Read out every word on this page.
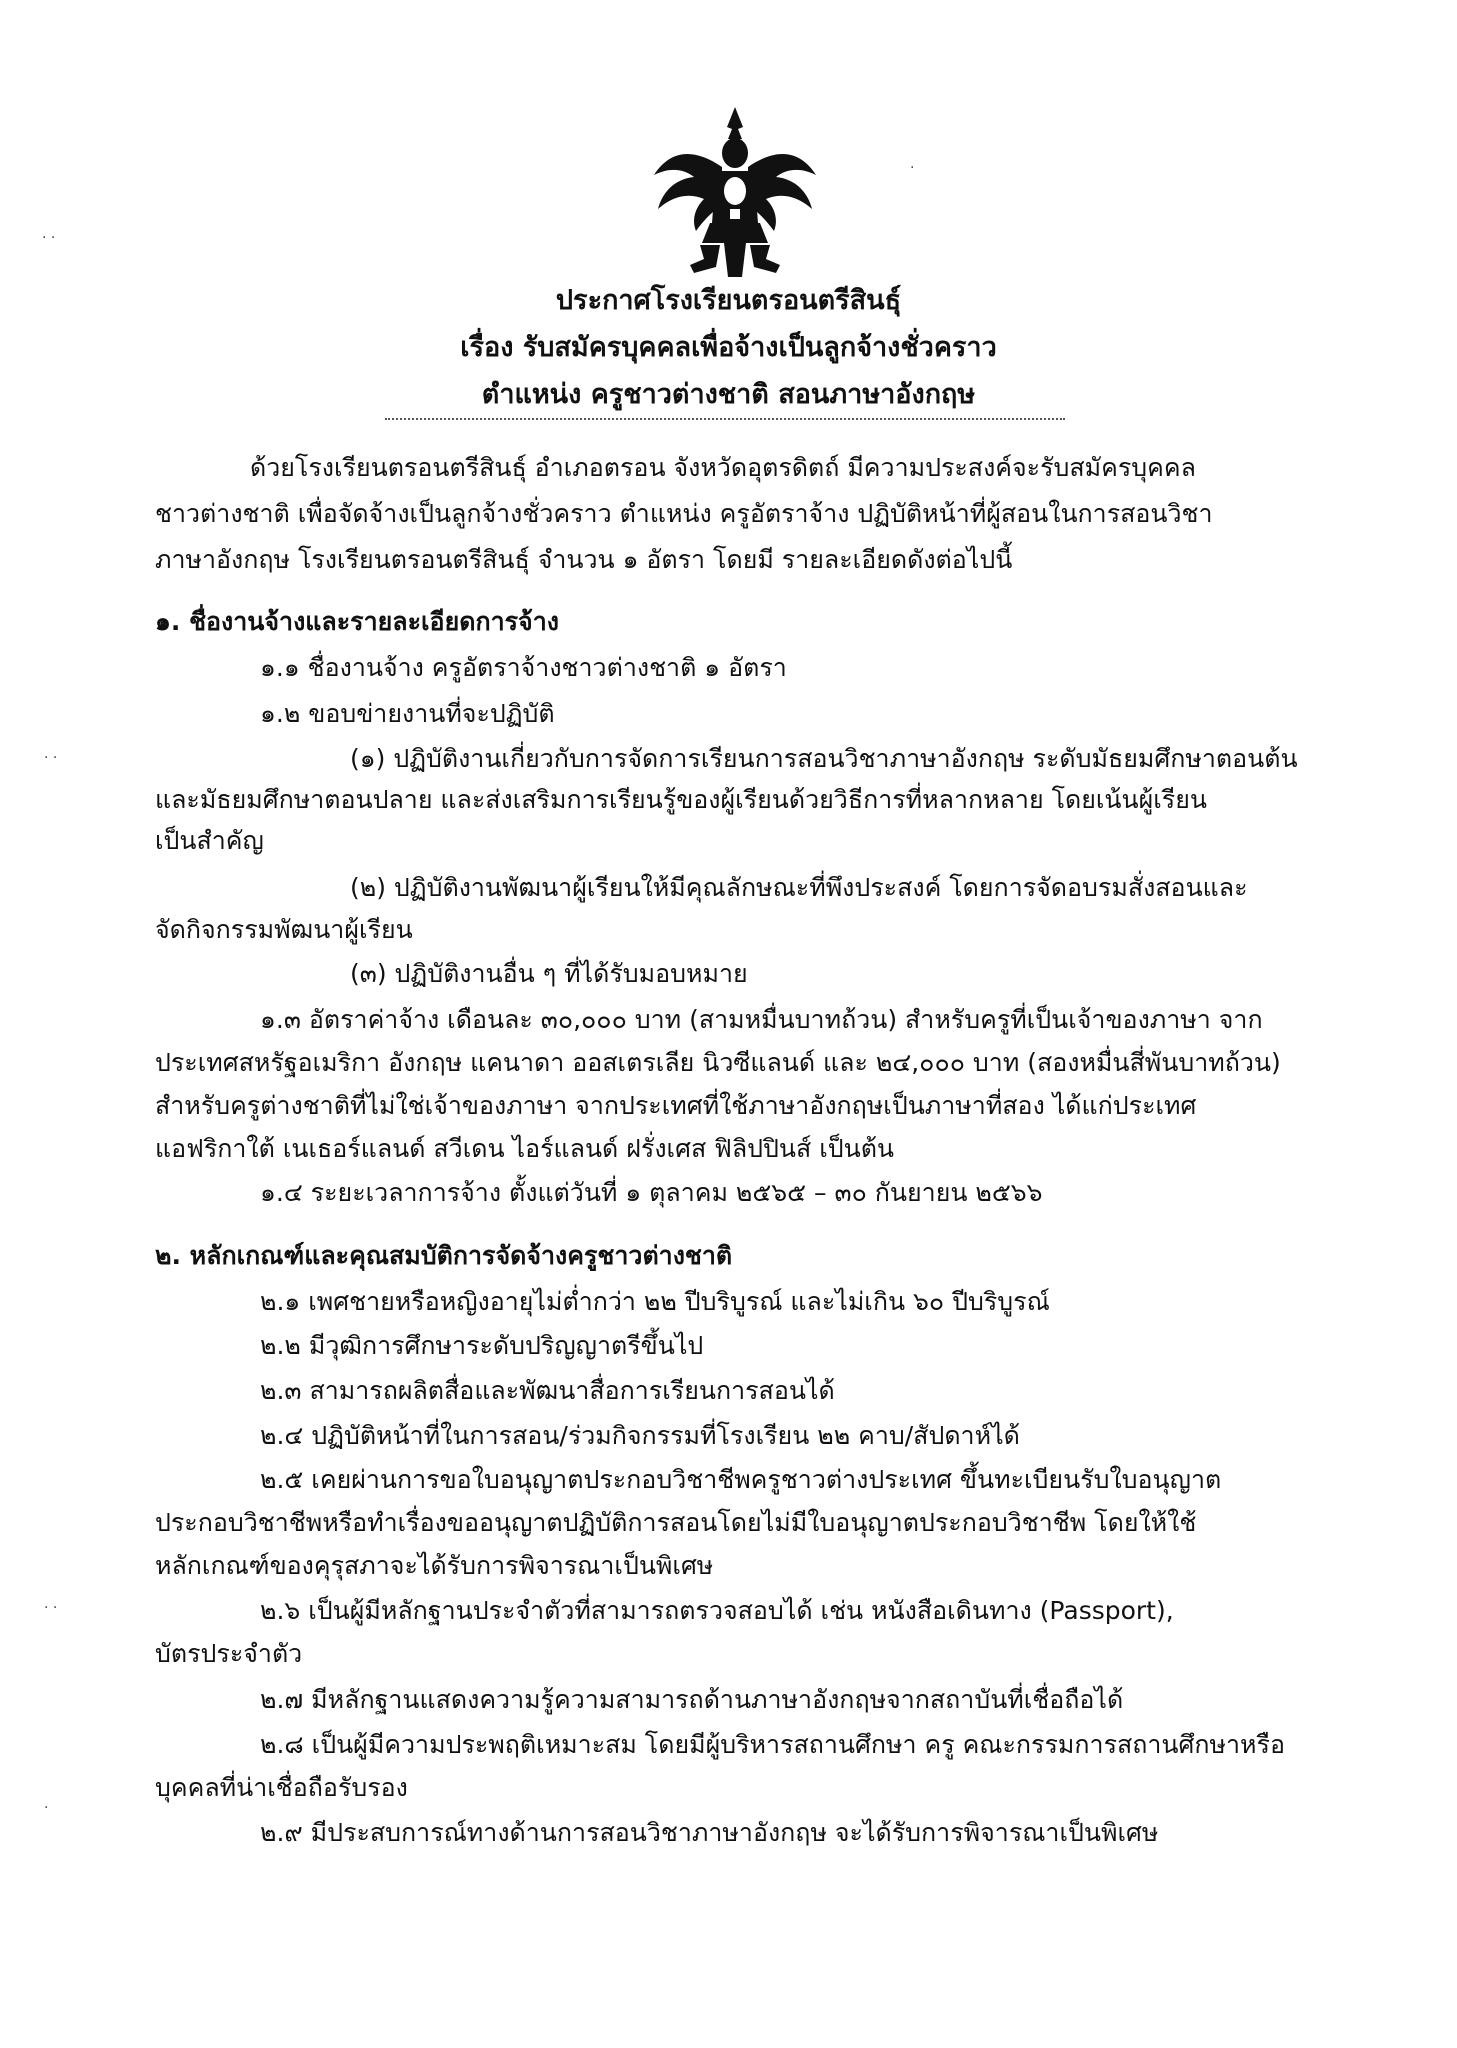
ประกาศโรงเรียนตรอนตรีสินธุ์
เรื่อง รับสมัครบุคคลเพื่อจ้างเป็นลูกจ้างชั่วคราว
ตำแหน่ง ครูชาวต่างชาติ สอนภาษาอังกฤษ
ด้วยโรงเรียนตรอนตรีสินธุ์ อำเภอตรอน จังหวัดอุตรดิตถ์ มีความประสงค์จะรับสมัครบุคคล
ชาวต่างชาติ เพื่อจัดจ้างเป็นลูกจ้างชั่วคราว ตำแหน่ง ครูอัตราจ้าง ปฏิบัติหน้าที่ผู้สอนในการสอนวิชา
ภาษาอังกฤษ โรงเรียนตรอนตรีสินธุ์ จำนวน ๑ อัตรา โดยมี รายละเอียดดังต่อไปนี้
๑. ชื่องานจ้างและรายละเอียดการจ้าง
๑.๑ ชื่องานจ้าง ครูอัตราจ้างชาวต่างชาติ ๑ อัตรา
๑.๒ ขอบข่ายงานที่จะปฏิบัติ
(๑) ปฏิบัติงานเกี่ยวกับการจัดการเรียนการสอนวิชาภาษาอังกฤษ ระดับมัธยมศึกษาตอนต้น
และมัธยมศึกษาตอนปลาย และส่งเสริมการเรียนรู้ของผู้เรียนด้วยวิธีการที่หลากหลาย โดยเน้นผู้เรียน
เป็นสำคัญ
(๒) ปฏิบัติงานพัฒนาผู้เรียนให้มีคุณลักษณะที่พึงประสงค์ โดยการจัดอบรมสั่งสอนและ
จัดกิจกรรมพัฒนาผู้เรียน
(๓) ปฏิบัติงานอื่น ๆ ที่ได้รับมอบหมาย
๑.๓ อัตราค่าจ้าง เดือนละ ๓๐,๐๐๐ บาท (สามหมื่นบาทถ้วน) สำหรับครูที่เป็นเจ้าของภาษา จาก
ประเทศสหรัฐอเมริกา อังกฤษ แคนาดา ออสเตรเลีย นิวซีแลนด์ และ ๒๔,๐๐๐ บาท (สองหมื่นสี่พันบาทถ้วน)
สำหรับครูต่างชาติที่ไม่ใช่เจ้าของภาษา จากประเทศที่ใช้ภาษาอังกฤษเป็นภาษาที่สอง ได้แก่ประเทศ
แอฟริกาใต้ เนเธอร์แลนด์ สวีเดน ไอร์แลนด์ ฝรั่งเศส ฟิลิปปินส์ เป็นต้น
๑.๔ ระยะเวลาการจ้าง ตั้งแต่วันที่ ๑ ตุลาคม ๒๕๖๕ – ๓๐ กันยายน ๒๕๖๖
๒. หลักเกณฑ์และคุณสมบัติการจัดจ้างครูชาวต่างชาติ
๒.๑ เพศชายหรือหญิงอายุไม่ต่ำกว่า ๒๒ ปีบริบูรณ์ และไม่เกิน ๖๐ ปีบริบูรณ์
๒.๒ มีวุฒิการศึกษาระดับปริญญาตรีขึ้นไป
๒.๓ สามารถผลิตสื่อและพัฒนาสื่อการเรียนการสอนได้
๒.๔ ปฏิบัติหน้าที่ในการสอน/ร่วมกิจกรรมที่โรงเรียน ๒๒ คาบ/สัปดาห์ได้
๒.๕ เคยผ่านการขอใบอนุญาตประกอบวิชาชีพครูชาวต่างประเทศ ขึ้นทะเบียนรับใบอนุญาต
ประกอบวิชาชีพหรือทำเรื่องขออนุญาตปฏิบัติการสอนโดยไม่มีใบอนุญาตประกอบวิชาชีพ โดยให้ใช้
หลักเกณฑ์ของคุรุสภาจะได้รับการพิจารณาเป็นพิเศษ
๒.๖ เป็นผู้มีหลักฐานประจำตัวที่สามารถตรวจสอบได้ เช่น หนังสือเดินทาง (Passport),
บัตรประจำตัว
๒.๗ มีหลักฐานแสดงความรู้ความสามารถด้านภาษาอังกฤษจากสถาบันที่เชื่อถือได้
๒.๘ เป็นผู้มีความประพฤติเหมาะสม โดยมีผู้บริหารสถานศึกษา ครู คณะกรรมการสถานศึกษาหรือ
บุคคลที่น่าเชื่อถือรับรอง
๒.๙ มีประสบการณ์ทางด้านการสอนวิชาภาษาอังกฤษ จะได้รับการพิจารณาเป็นพิเศษ
· ·
· ·
· ·
·
·
